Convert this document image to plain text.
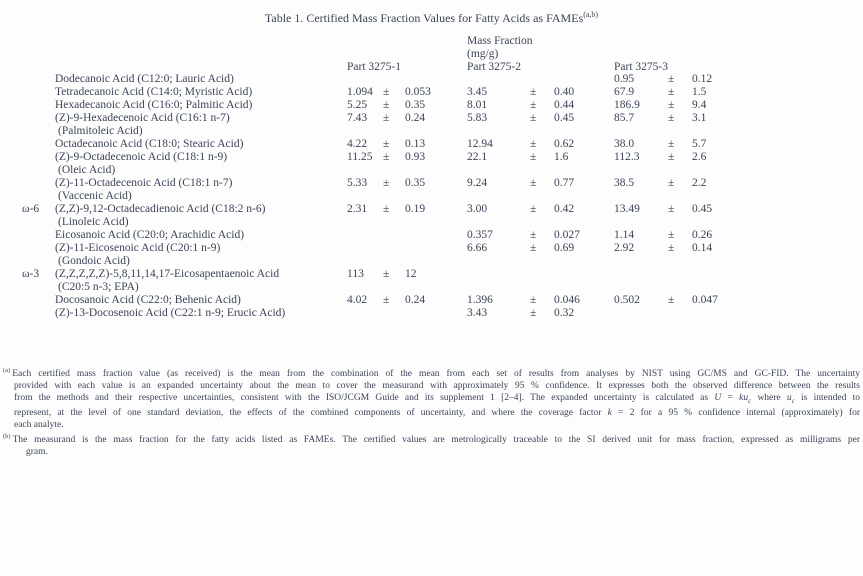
Table 1. Certified Mass Fraction Values for Fatty Acids as FAMEs$^{(a,b)}$

					Mass Fraction
(mg/g)					

		Part 3275-1			Part 3275-2			Part 3275-3		

	Dodecanoic Acid (C12:0; Lauric Acid)							0.95	±	0.12

	Tetradecanoic Acid (C14:0; Myristic Acid)	1.094	±	0.053	3.45	±	0.40	67.9	±	1.5

	Hexadecanoic Acid (C16:0; Palmitic Acid)	5.25	±	0.35	8.01	±	0.44	186.9	±	9.4

	(Z)-9-Hexadecenoic Acid (C16:1 n-7)
(Palmitoleic Acid)	7.43	±	0.24	5.83	±	0.45	85.7	±	3.1

	Octadecanoic Acid (C18:0; Stearic Acid)	4.22	±	0.13	12.94	±	0.62	38.0	±	5.7

	(Z)-9-Octadecenoic Acid (C18:1 n-9)
(Oleic Acid)	11.25	±	0.93	22.1	±	1.6	112.3	±	2.6

	(Z)-11-Octadecenoic Acid (C18:1 n-7)
(Vaccenic Acid)	5.33	±	0.35	9.24	±	0.77	38.5	±	2.2
ω-6	(Z,Z)-9,12-Octadecadienoic Acid (C18:2 n-6)
(Linoleic Acid)	2.31	±	0.19	3.00	±	0.42	13.49	±	0.45

	Eicosanoic Acid (C20:0; Arachidic Acid)				0.357	±	0.027	1.14	±	0.26

	(Z)-11-Eicosenoic Acid (C20:1 n-9)
(Gondoic Acid)				6.66	±	0.69	2.92	±	0.14
ω-3	(Z,Z,Z,Z,Z)-5,8,11,14,17-Eicosapentaenoic Acid
(C20:5 n-3; EPA)	113	±	12						

	Docosanoic Acid (C22:0; Behenic Acid)	4.02	±	0.24	1.396	±	0.046	0.502	±	0.047

	(Z)-13-Docosenoic Acid (C22:1 n-9; Erucic Acid)				3.43	±	0.32			
$^{(a)}$ Each certified mass fraction value (as received) is the mean from the combination of the mean from each set of results from analyses by NIST using GC/MS and GC-FID. The uncertainty
provided with each value is an expanded uncertainty about the mean to cover the measurand with approximately 95 % confidence. It expresses both the observed difference between the results
from the methods and their respective uncertainties, consistent with the ISO/JCGM Guide and its supplement 1 [2–4]. The expanded uncertainty is calculated as $U = ku_c$ where $u_c$ is intended to
represent, at the level of one standard deviation, the effects of the combined components of uncertainty, and where the coverage factor k = 2 for a 95 % confidence internal (approximately) for
each analyte.
$^{(b)}$ The measurand is the mass fraction for the fatty acids listed as FAMEs. The certified values are metrologically traceable to the SI derived unit for mass fraction, expressed as milligrams per
gram.
